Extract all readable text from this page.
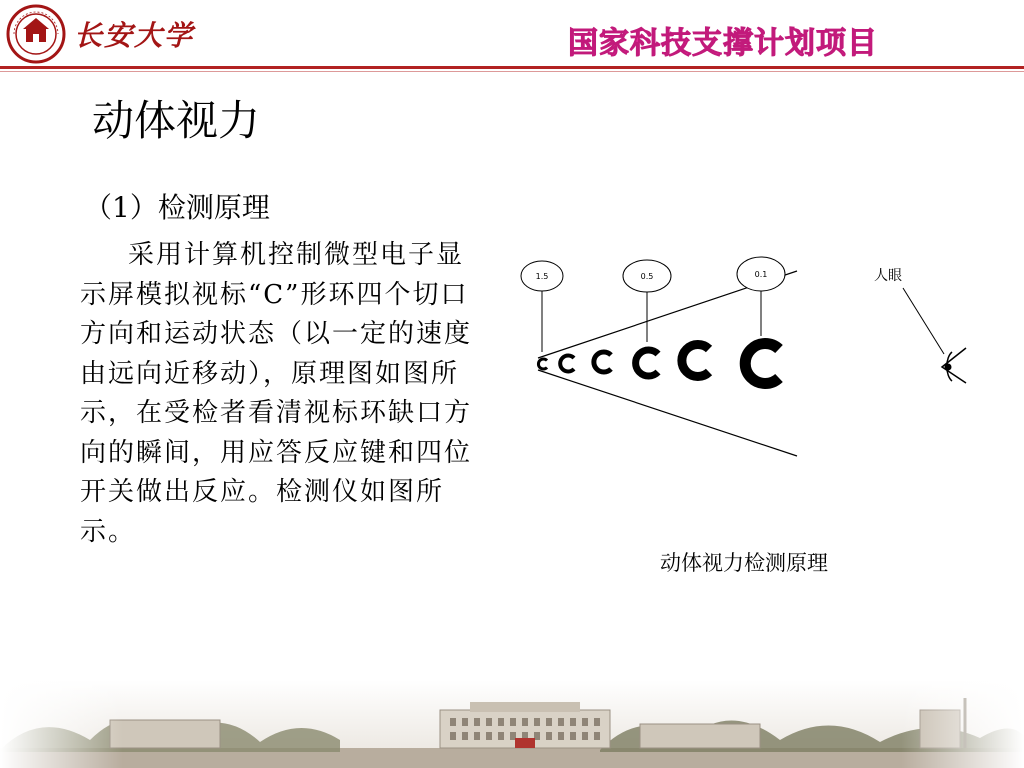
长安大学	国家科技支撑计划项目
动体视力
（1）检测原理
采用计算机控制微型电子显示屏模拟视标“C”形环四个切口方向和运动状态（以一定的速度由远向近移动），原理图如图所示，在受检者看清视标环缺口方向的瞬间，用应答反应键和四位开关做出反应。检测仪如图所示。
1.5	0.5	0.1	人眼
动体视力检测原理
